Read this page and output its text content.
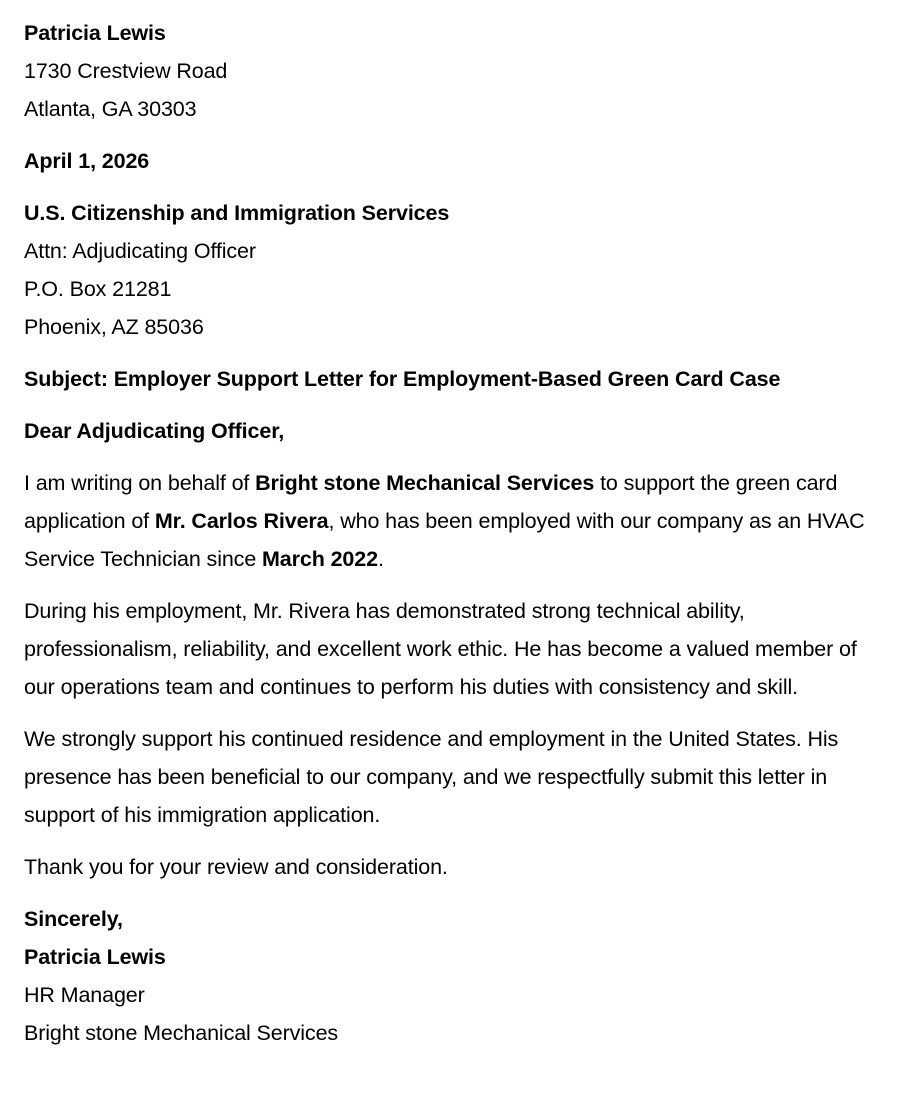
Patricia Lewis
1730 Crestview Road
Atlanta, GA 30303
April 1, 2026
U.S. Citizenship and Immigration Services
Attn: Adjudicating Officer
P.O. Box 21281
Phoenix, AZ 85036
Subject: Employer Support Letter for Employment-Based Green Card Case
Dear Adjudicating Officer,

I am writing on behalf of Bright stone Mechanical Services to support the green card application of Mr. Carlos Rivera, who has been employed with our company as an HVAC Service Technician since March 2022.

During his employment, Mr. Rivera has demonstrated strong technical ability, professionalism, reliability, and excellent work ethic. He has become a valued member of our operations team and continues to perform his duties with consistency and skill.

We strongly support his continued residence and employment in the United States. His presence has been beneficial to our company, and we respectfully submit this letter in support of his immigration application.

Thank you for your review and consideration.

Sincerely,
Patricia Lewis
HR Manager
Bright stone Mechanical Services
